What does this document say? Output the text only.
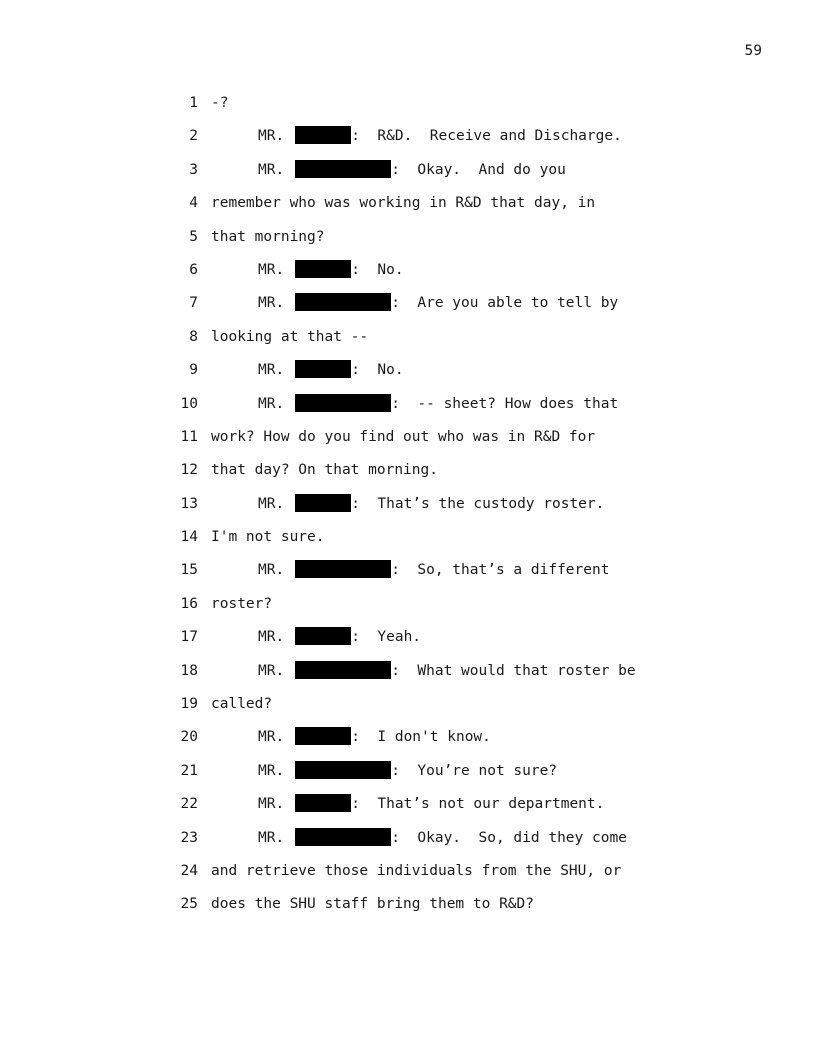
59
1 -?
2	MR.	:  R&D.  Receive and Discharge.
3	MR.	:  Okay.  And do you
4 remember who was working in R&D that day, in
5 that morning?
6	MR.	:  No.
7	MR.	:  Are you able to tell by
8 looking at that --
9	MR.	:  No.
10	MR.	:  -- sheet? How does that
11 work? How do you find out who was in R&D for
12 that day? On that morning.
13	MR.	:  That’s the custody roster.
14 I'm not sure.
15	MR.	:  So, that’s a different
16 roster?
17	MR.	:  Yeah.
18	MR.	:  What would that roster be
19 called?
20	MR.	:  I don't know.
21	MR.	:  You’re not sure?
22	MR.	:  That’s not our department.
23	MR.	:  Okay.  So, did they come
24 and retrieve those individuals from the SHU, or
25 does the SHU staff bring them to R&D?
